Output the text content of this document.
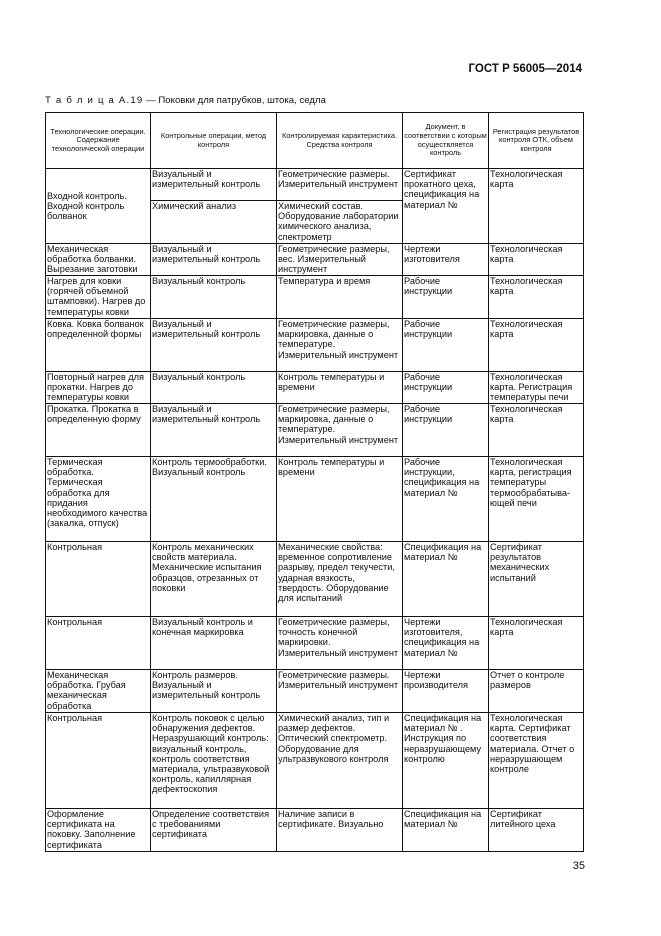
ГОСТ Р 56005—2014
Т а б л и ц а А.19 — Поковки для патрубков, штока, седла
Технологические операции. Содержание технологической операции	Контрольные операции, метод контроля	Контролируемая характеристика. Средства контроля	Документ, в соответствии с которым осуществляется контроль	Регистрация результатов контроля ОТК, объем контроля
Входной контроль. Входной контроль болванок	Визуальный и измерительный контроль	Геометрические размеры. Измерительный инструмент	Сертификат прокатного цеха, спецификация на материал №	Технологическая карта
	Химический анализ	Химический состав. Оборудование лаборатории химического анализа, спектрометр		
Механическая обработка болванки. Вырезание заготовки	Визуальный и измерительный контроль	Геометрические размеры, вес. Измерительный инструмент	Чертежи изготовителя	Технологическая карта
Нагрев для ковки (горячей объемной штамповки). Нагрев до температуры ковки	Визуальный контроль	Температура и время	Рабочие инструкции	Технологическая карта
Ковка. Ковка болванок определенной формы	Визуальный и измерительный контроль	Геометрические размеры, маркировка, данные о температуре. Измерительный инструмент	Рабочие инструкции	Технологическая карта
Повторный нагрев для прокатки. Нагрев до температуры ковки	Визуальный контроль	Контроль температуры и времени	Рабочие инструкции	Технологическая карта. Регистрация температуры печи
Прокатка. Прокатка в определенную форму	Визуальный и измерительный контроль	Геометрические размеры, маркировка, данные о температуре. Измерительный инструмент	Рабочие инструкции	Технологическая карта
Термическая обработка. Термическая обработка для придания необходимого качества (закалка, отпуск)	Контроль термообработки. Визуальный контроль	Контроль температуры и времени	Рабочие инструкции, спецификация на материал №	Технологическая карта, регистрация температуры термообрабатыва-ющей печи
Контрольная	Контроль механических свойств материала. Механические испытания образцов, отрезанных от поковки	Механические свойства: временное сопротивление разрыву, предел текучести, ударная вязкость, твердость. Оборудование для испытаний	Спецификация на материал №	Сертификат результатов механических испытаний
Контрольная	Визуальный контроль и конечная маркировка	Геометрические размеры, точность конечной маркировки. Измерительный инструмент	Чертежи изготовителя, спецификация на материал №	Технологическая карта
Механическая обработка. Грубая механическая обработка	Контроль размеров. Визуальный и измерительный контроль	Геометрические размеры. Измерительный инструмент	Чертежи производителя	Отчет о контроле размеров
Контрольная	Контроль поковок с целью обнаружения дефектов. Неразрушающий контроль: визуальный контроль, контроль соответствия материала, ультразвуковой контроль, капиллярная дефектоскопия	Химический анализ, тип и размер дефектов. Оптический спектрометр. Оборудование для ультразвукового контроля	Спецификация на материал № . Инструкция по неразрушающему контролю	Технологическая карта. Сертификат соответствия материала. Отчет о неразрушающем контроле
Оформление сертификата на поковку. Заполнение сертификата	Определение соответствия с требованиями сертификата	Наличие записи в сертификате. Визуально	Спецификация на материал №	Сертификат литейного цеха
35
